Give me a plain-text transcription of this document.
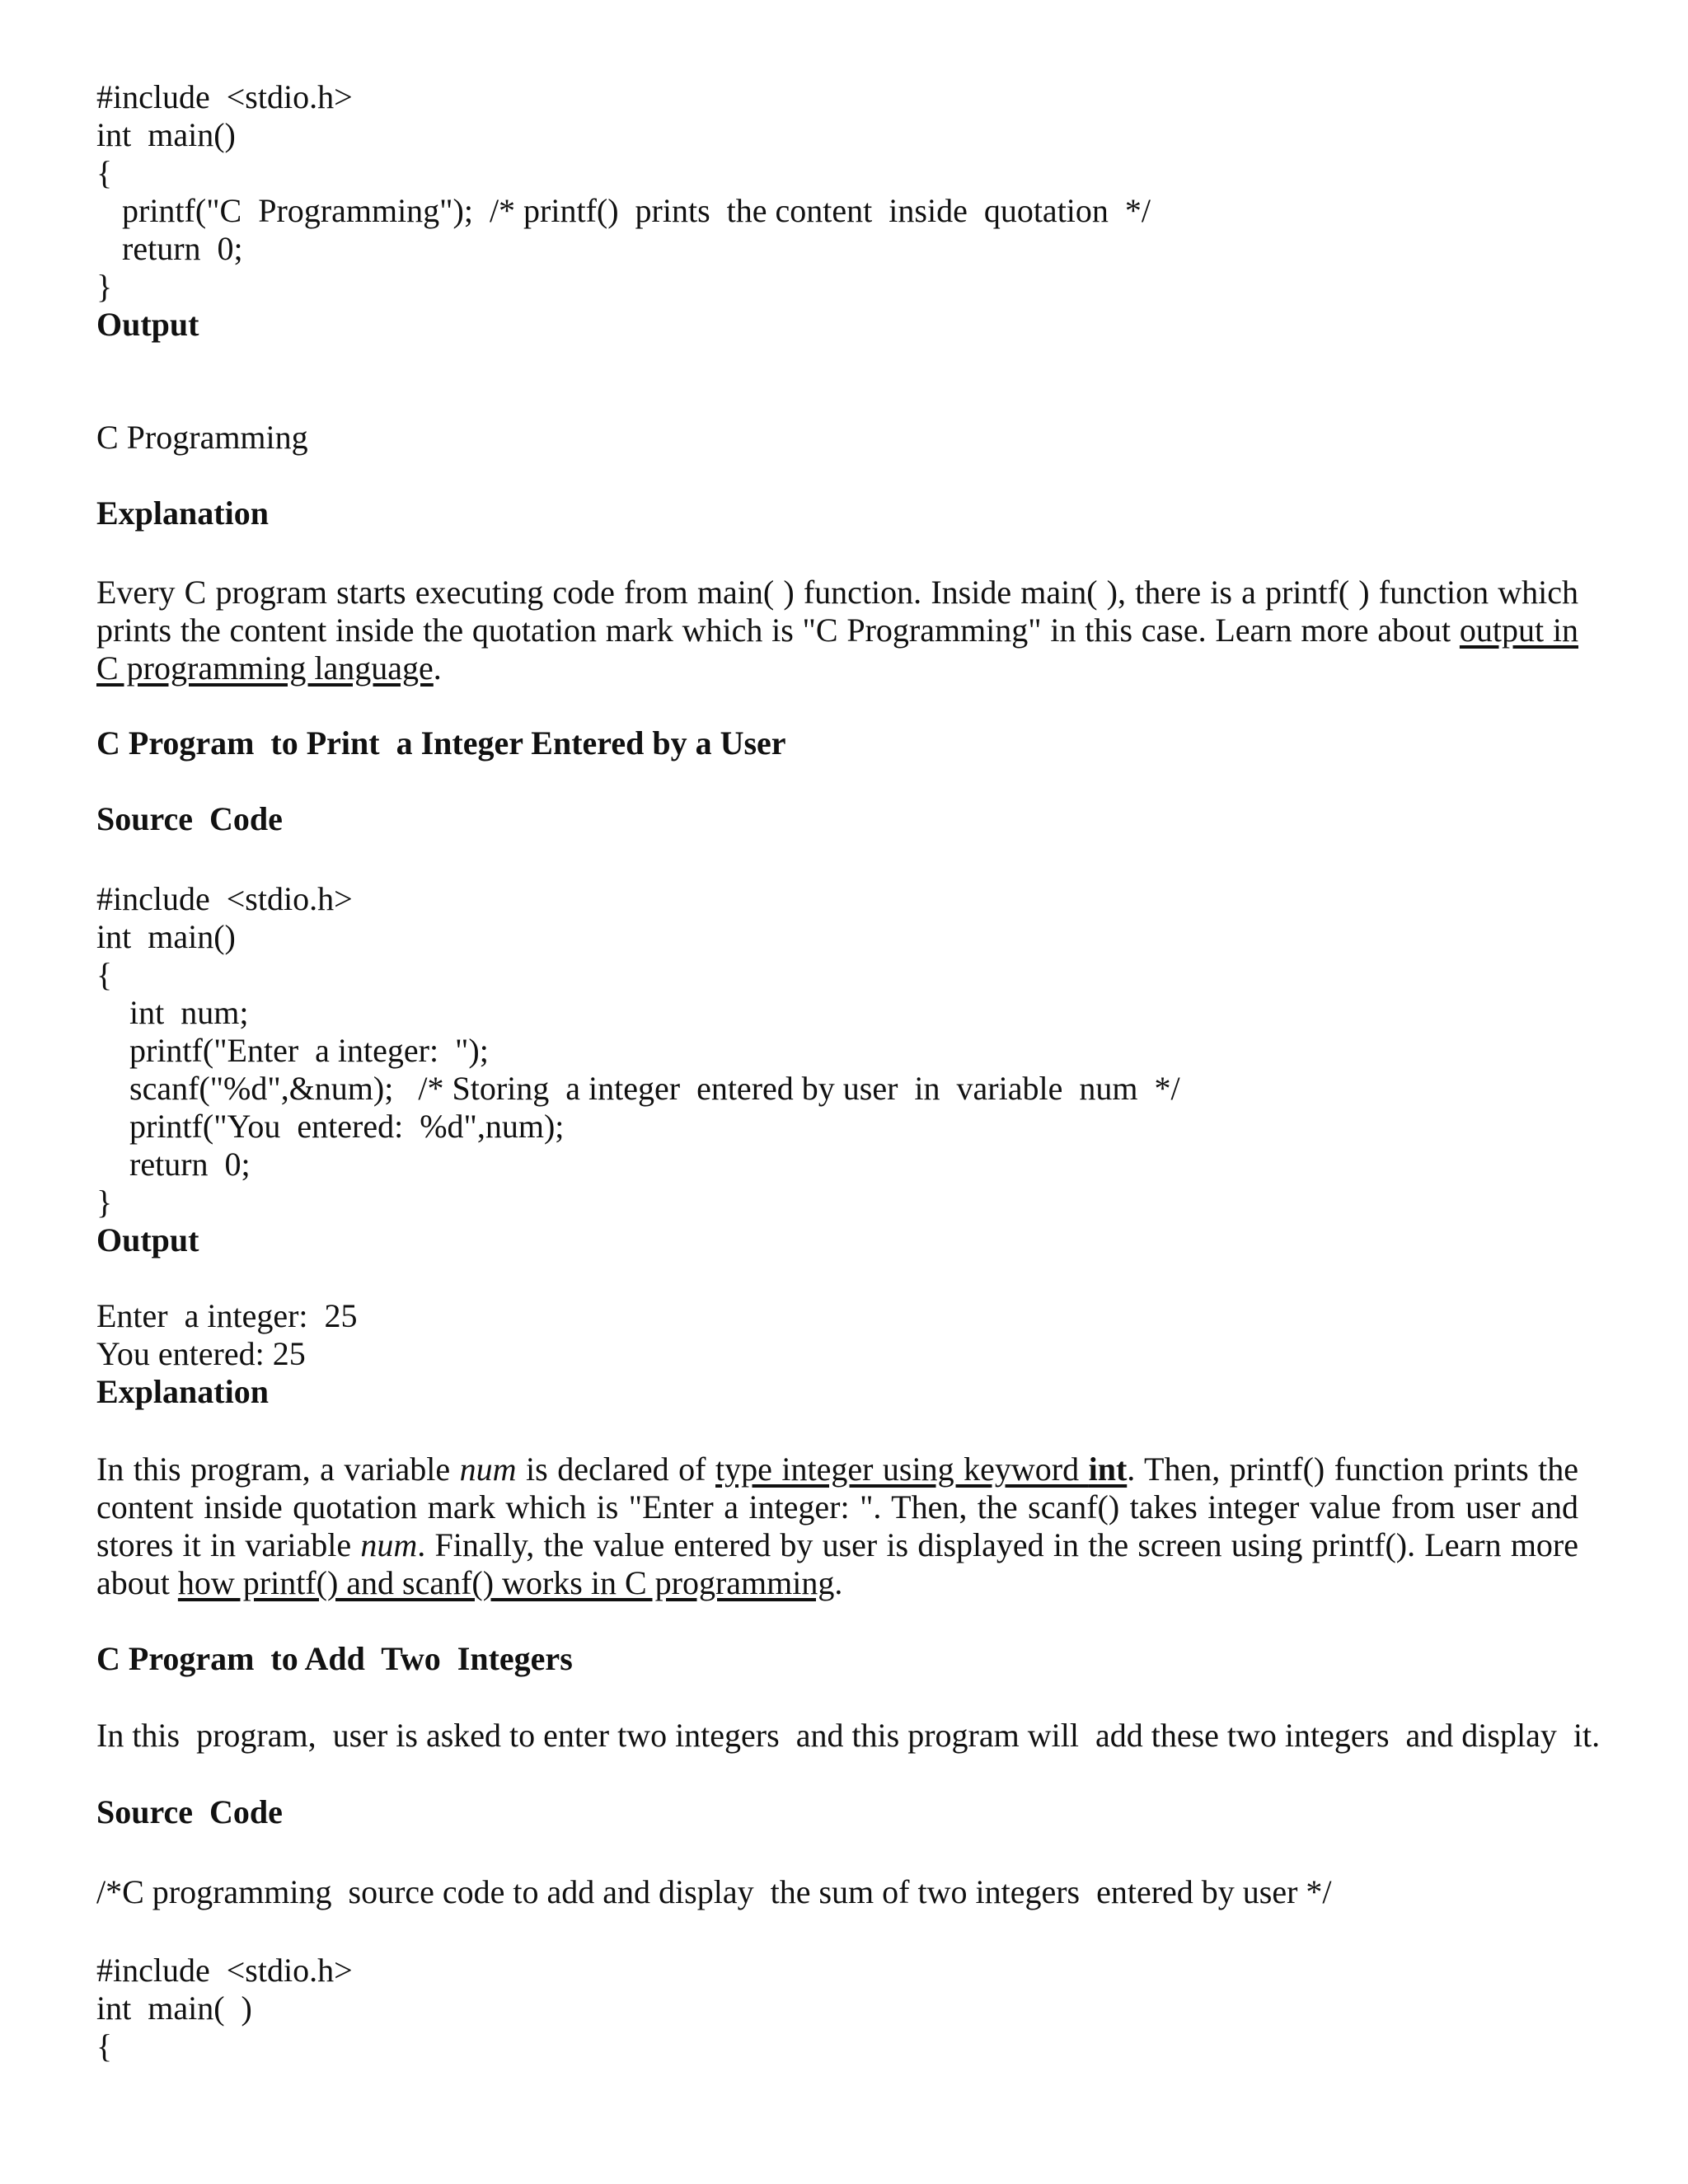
#include  <stdio.h>
int  main()
{
printf("C  Programming");  /* printf()  prints  the content  inside  quotation  */
return  0;
}
Output
C Programming
Explanation
Every C program starts executing code from main( ) function. Inside main( ), there is a printf( ) function which
prints the content inside the quotation mark which is "C Programming" in this case. Learn more about output in
C programming language.
C Program  to Print  a Integer Entered by a User
Source  Code
#include  <stdio.h>
int  main()
{
int  num;
printf("Enter  a integer:  ");
scanf("%d",&num);   /* Storing  a integer  entered by user  in  variable  num  */
printf("You  entered:  %d",num);
return  0;
}
Output
Enter  a integer:  25
You entered: 25
Explanation
In this program, a variable num is declared of type integer using keyword int. Then, printf() function prints the
content inside quotation mark which is "Enter a integer: ". Then, the scanf() takes integer value from user and
stores it in variable num. Finally, the value entered by user is displayed in the screen using printf(). Learn more
about how printf() and scanf() works in C programming.
C Program  to Add  Two  Integers
In this  program,  user is asked to enter two integers  and this program will  add these two integers  and display  it.
Source  Code
/*C programming  source code to add and display  the sum of two integers  entered by user */
#include  <stdio.h>
int  main(  )
{
